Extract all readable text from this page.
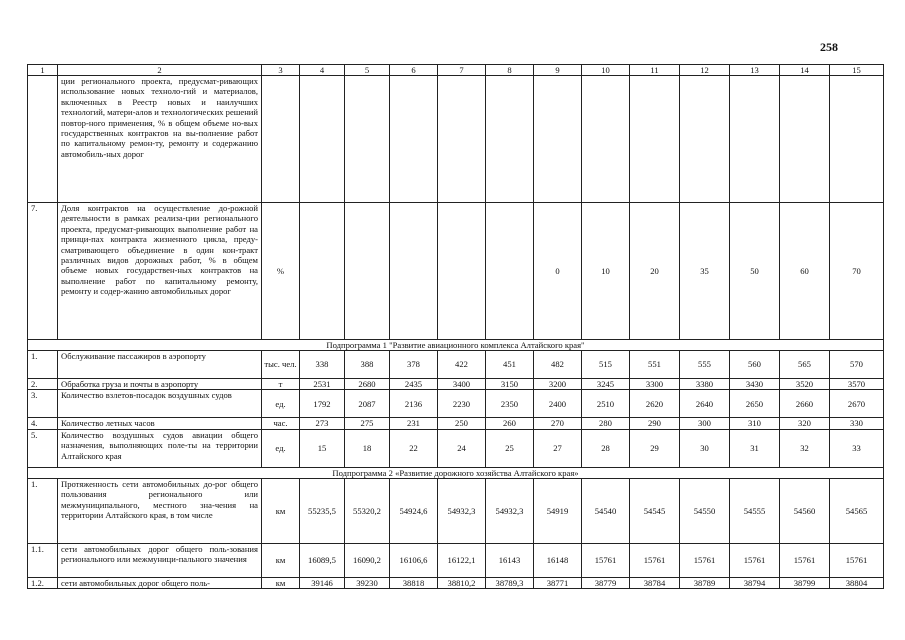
258
1	2	3	4	5	6	7	8	9	10	11	12	13	14	15
	ции регионального проекта, предусмат-ривающих использование новых техноло-гий и материалов, включенных в Реестр новых и наилучших технологий, матери-алов и технологических решений повтор-ного применения, % в общем объеме но-вых государственных контрактов на вы-полнение работ по капитальному ремон-ту, ремонту и содержанию автомобиль-ных дорог													
7.	Доля контрактов на осуществление до-рожной деятельности в рамках реализа-ции регионального проекта, предусмат-ривающих выполнение работ на принци-пах контракта жизненного цикла, преду-сматривающего объединение в один кон-тракт различных видов дорожных работ, % в общем объеме новых государствен-ных контрактов на выполнение работ по капитальному ремонту, ремонту и содер-жанию автомобильных дорог	%						0	10	20	35	50	60	70
Подпрограмма 1 "Развитие авиационного комплекса Алтайского края"														
1.	Обслуживание пассажиров в аэропорту	тыс. чел.	338	388	378	422	451	482	515	551	555	560	565	570
2.	Обработка груза и почты в аэропорту	т	2531	2680	2435	3400	3150	3200	3245	3300	3380	3430	3520	3570
3.	Количество взлетов-посадок воздушных судов	ед.	1792	2087	2136	2230	2350	2400	2510	2620	2640	2650	2660	2670
4.	Количество летных часов	час.	273	275	231	250	260	270	280	290	300	310	320	330
5.	Количество воздушных судов авиации общего назначения, выполняющих поле-ты на территории Алтайского края	ед.	15	18	22	24	25	27	28	29	30	31	32	33
Подпрограмма 2 «Развитие дорожного хозяйства Алтайского края»														
1.	Протяженность сети автомобильных до-рог общего пользования регионального или межмуниципального, местного зна-чения на территории Алтайского края, в том числе	км	55235,5	55320,2	54924,6	54932,3	54932,3	54919	54540	54545	54550	54555	54560	54565
1.1.	сети автомобильных дорог общего поль-зования регионального или межмуници-пального значения	км	16089,5	16090,2	16106,6	16122,1	16143	16148	15761	15761	15761	15761	15761	15761
1.2.	сети автомобильных дорог общего поль-	км	39146	39230	38818	38810,2	38789,3	38771	38779	38784	38789	38794	38799	38804
